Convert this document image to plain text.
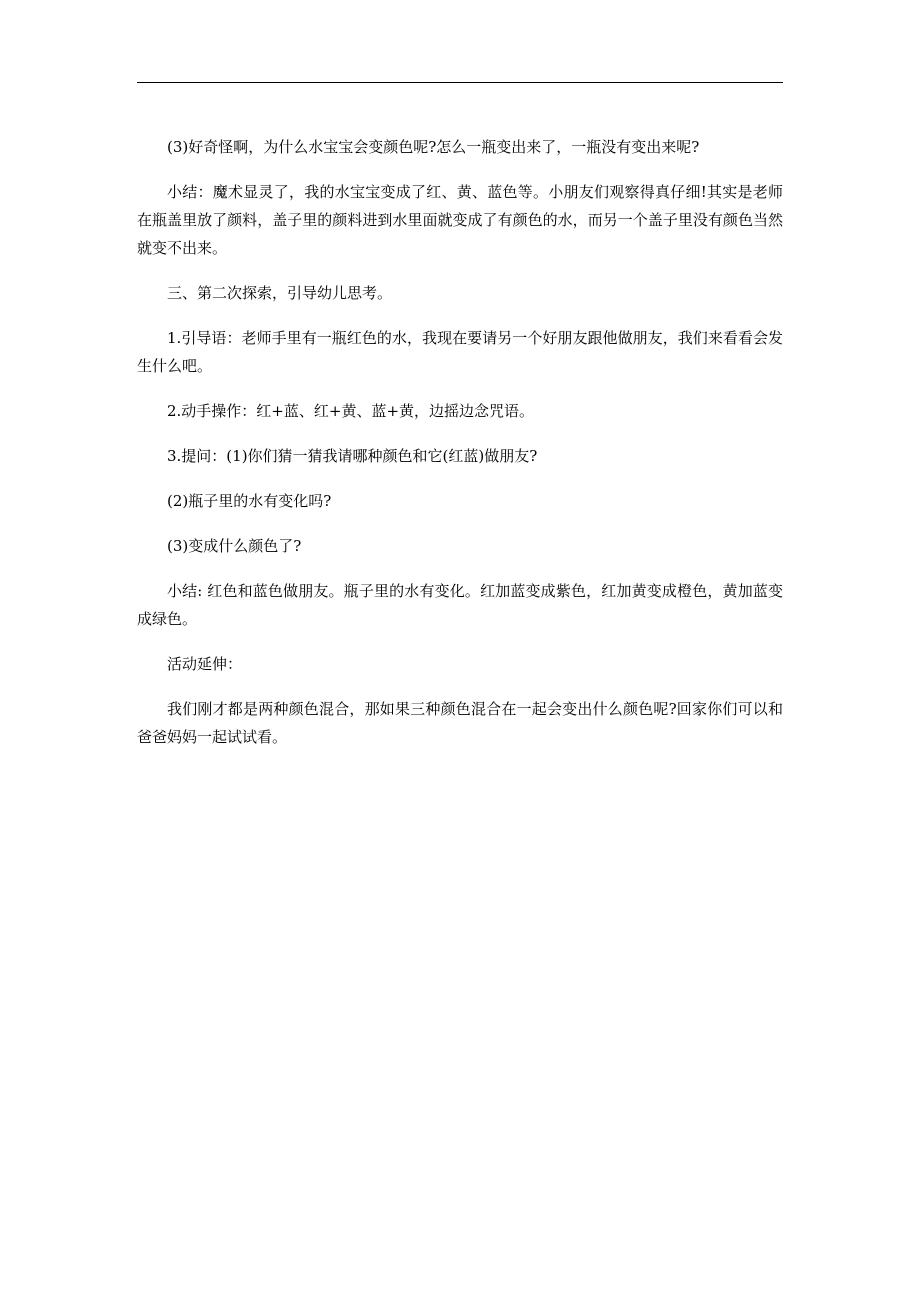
(3)好奇怪啊，为什么水宝宝会变颜色呢?怎么一瓶变出来了，一瓶没有变出来呢?

小结：魔术显灵了，我的水宝宝变成了红、黄、蓝色等。小朋友们观察得真仔细!其实是老师在瓶盖里放了颜料，盖子里的颜料进到水里面就变成了有颜色的水，而另一个盖子里没有颜色当然就变不出来。

三、第二次探索，引导幼儿思考。

1.引导语：老师手里有一瓶红色的水，我现在要请另一个好朋友跟他做朋友，我们来看看会发生什么吧。

2.动手操作：红+蓝、红+黄、蓝+黄，边摇边念咒语。

3.提问：(1)你们猜一猜我请哪种颜色和它(红蓝)做朋友?

(2)瓶子里的水有变化吗?

(3)变成什么颜色了?

小结: 红色和蓝色做朋友。瓶子里的水有变化。红加蓝变成紫色，红加黄变成橙色，黄加蓝变成绿色。

活动延伸：

我们刚才都是两种颜色混合，那如果三种颜色混合在一起会变出什么颜色呢?回家你们可以和爸爸妈妈一起试试看。
